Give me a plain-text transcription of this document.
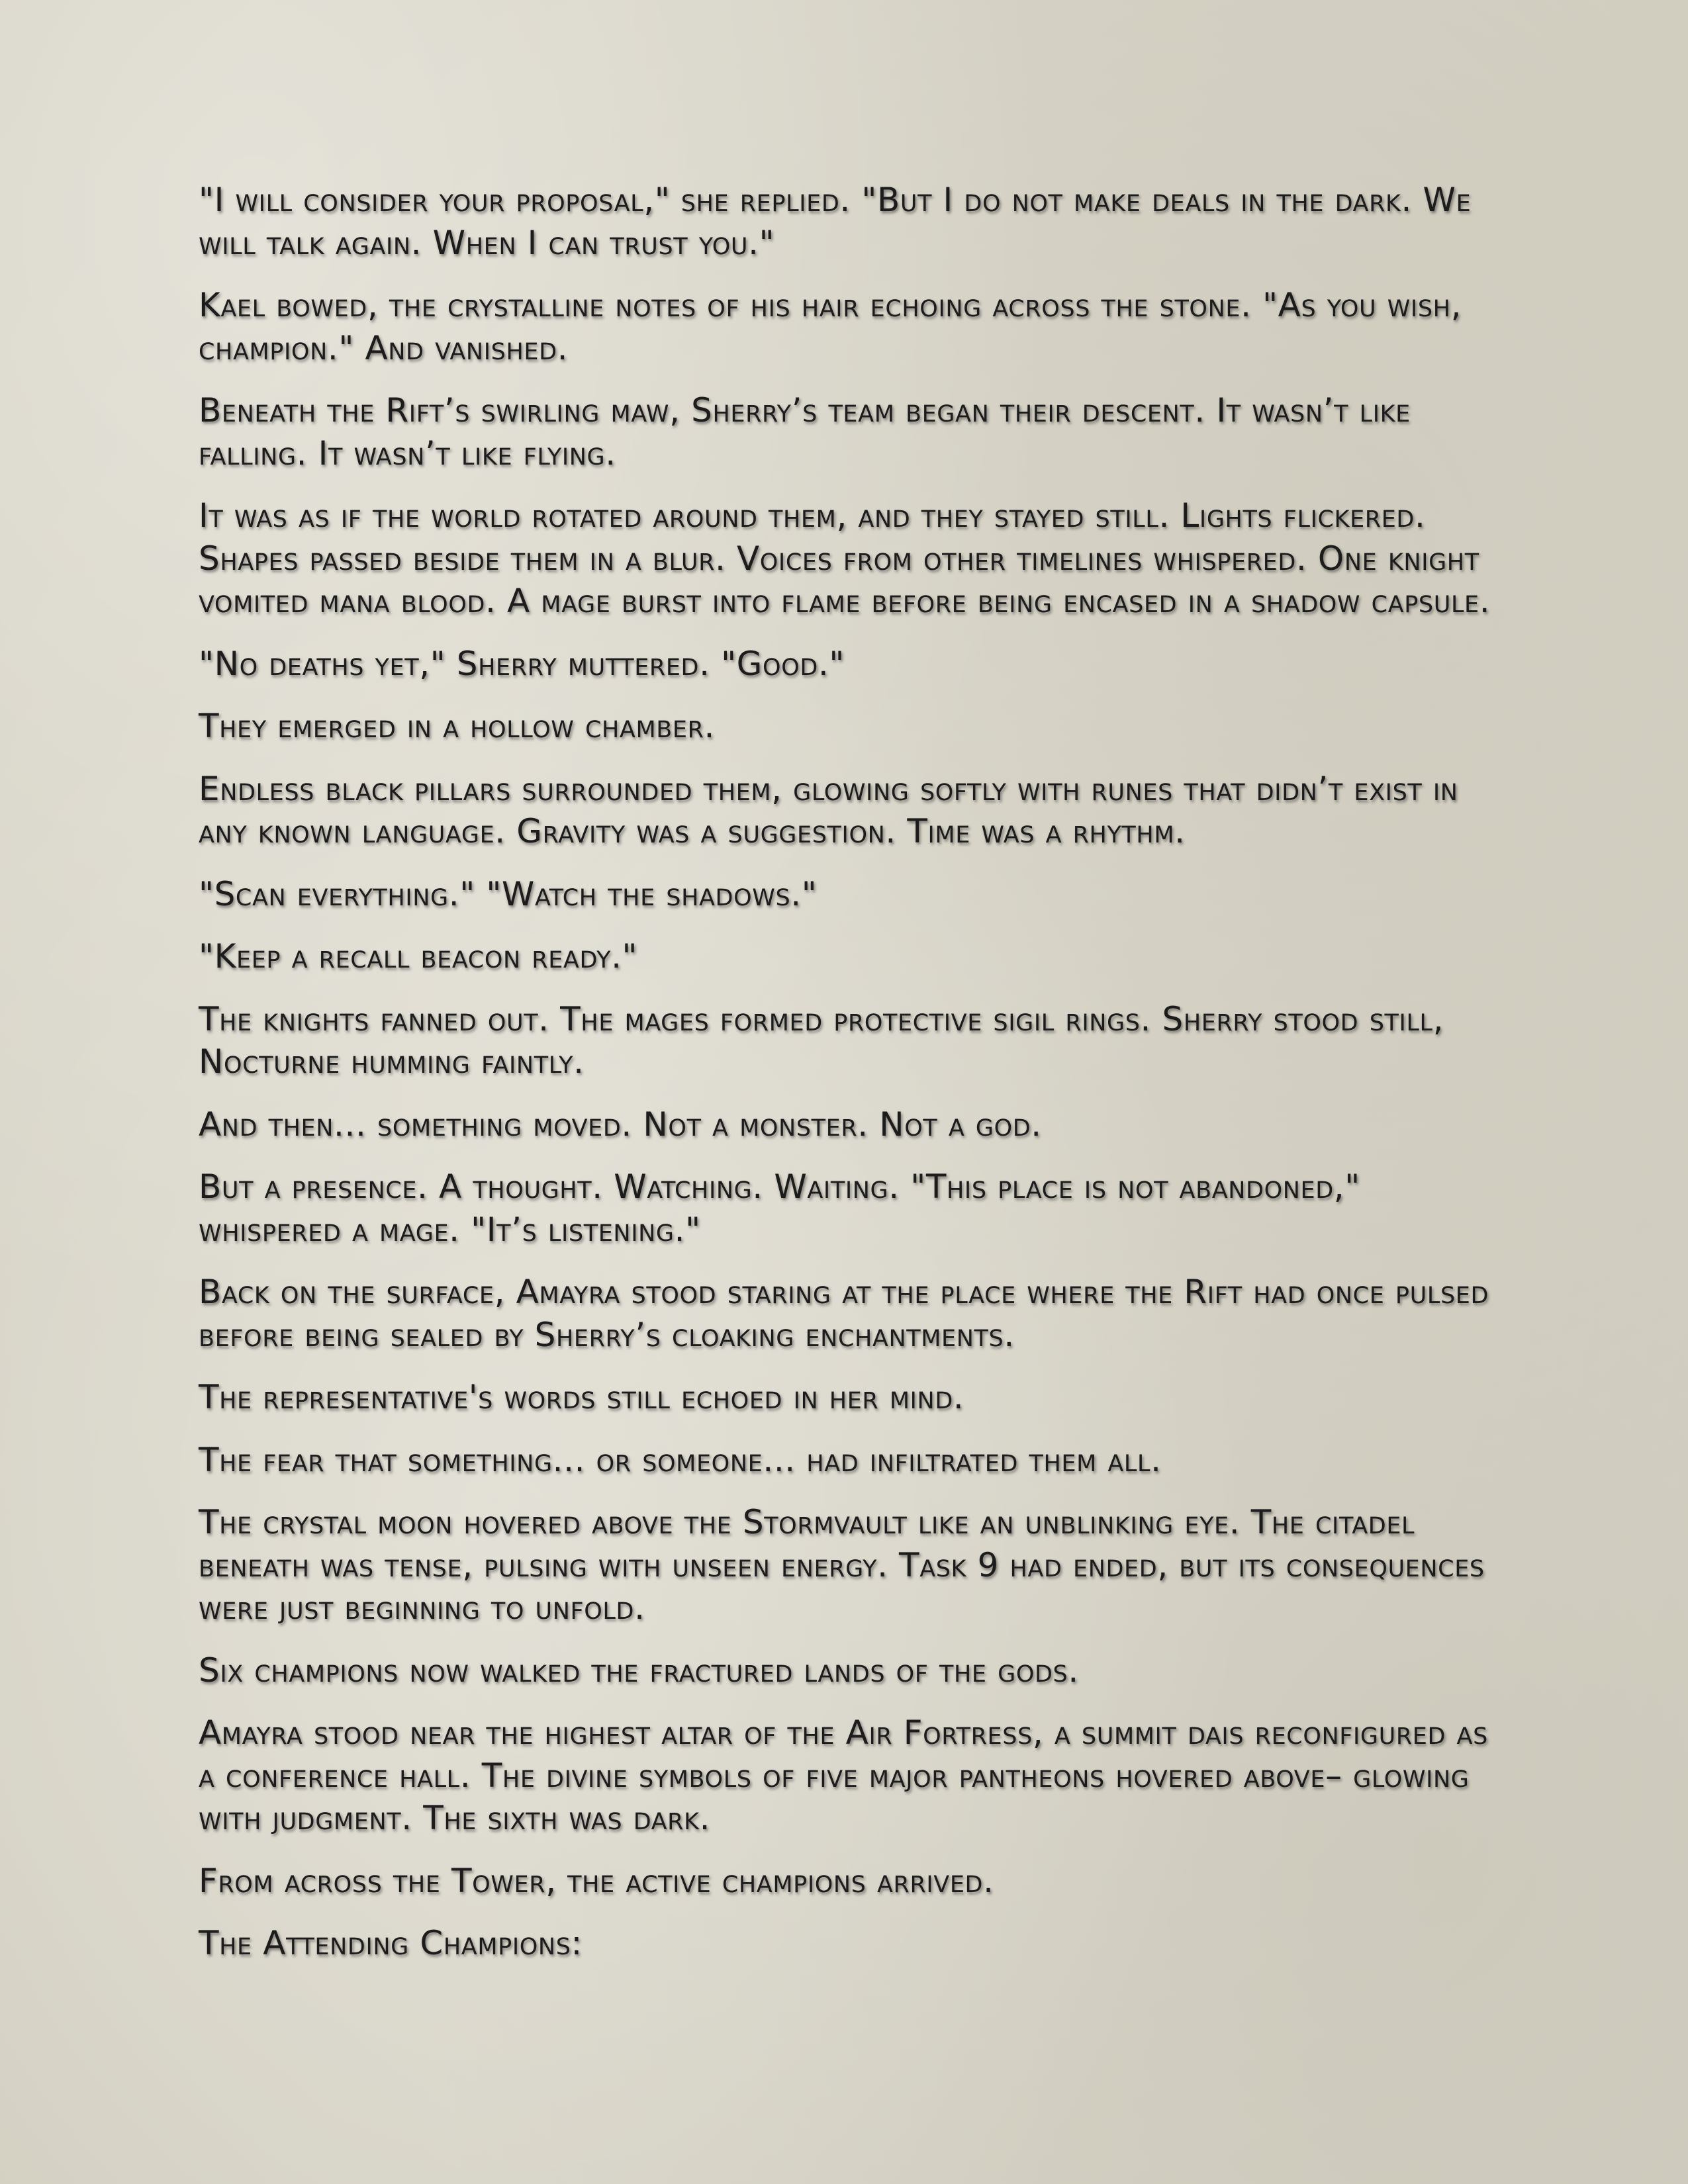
"I will consider your proposal," she replied. "But I do not make deals in the dark. We will talk again. When I can trust you."

Kael bowed, the crystalline notes of his hair echoing across the stone. "As you wish, champion." And vanished.

Beneath the Rift’s swirling maw, Sherry’s team began their descent. It wasn’t like falling. It wasn’t like flying.

It was as if the world rotated around them, and they stayed still. Lights flickered. Shapes passed beside them in a blur. Voices from other timelines whispered. One knight vomited mana blood. A mage burst into flame before being encased in a shadow capsule.

"No deaths yet," Sherry muttered. "Good."

They emerged in a hollow chamber.

Endless black pillars surrounded them, glowing softly with runes that didn’t exist in any known language. Gravity was a suggestion. Time was a rhythm.

"Scan everything." "Watch the shadows."

"Keep a recall beacon ready."

The knights fanned out. The mages formed protective sigil rings. Sherry stood still, Nocturne humming faintly.

And then... something moved. Not a monster. Not a god.

But a presence. A thought. Watching. Waiting. "This place is not abandoned," whispered a mage. "It’s listening."

Back on the surface, Amayra stood staring at the place where the Rift had once pulsed before being sealed by Sherry’s cloaking enchantments.

The representative's words still echoed in her mind.

The fear that something... or someone... had infiltrated them all.

The crystal moon hovered above the Stormvault like an unblinking eye. The citadel beneath was tense, pulsing with unseen energy. Task 9 had ended, but its consequences were just beginning to unfold.

Six champions now walked the fractured lands of the gods.

Amayra stood near the highest altar of the Air Fortress, a summit dais reconfigured as a conference hall. The divine symbols of five major pantheons hovered above– glowing with judgment. The sixth was dark.

From across the Tower, the active champions arrived.

The Attending Champions:
